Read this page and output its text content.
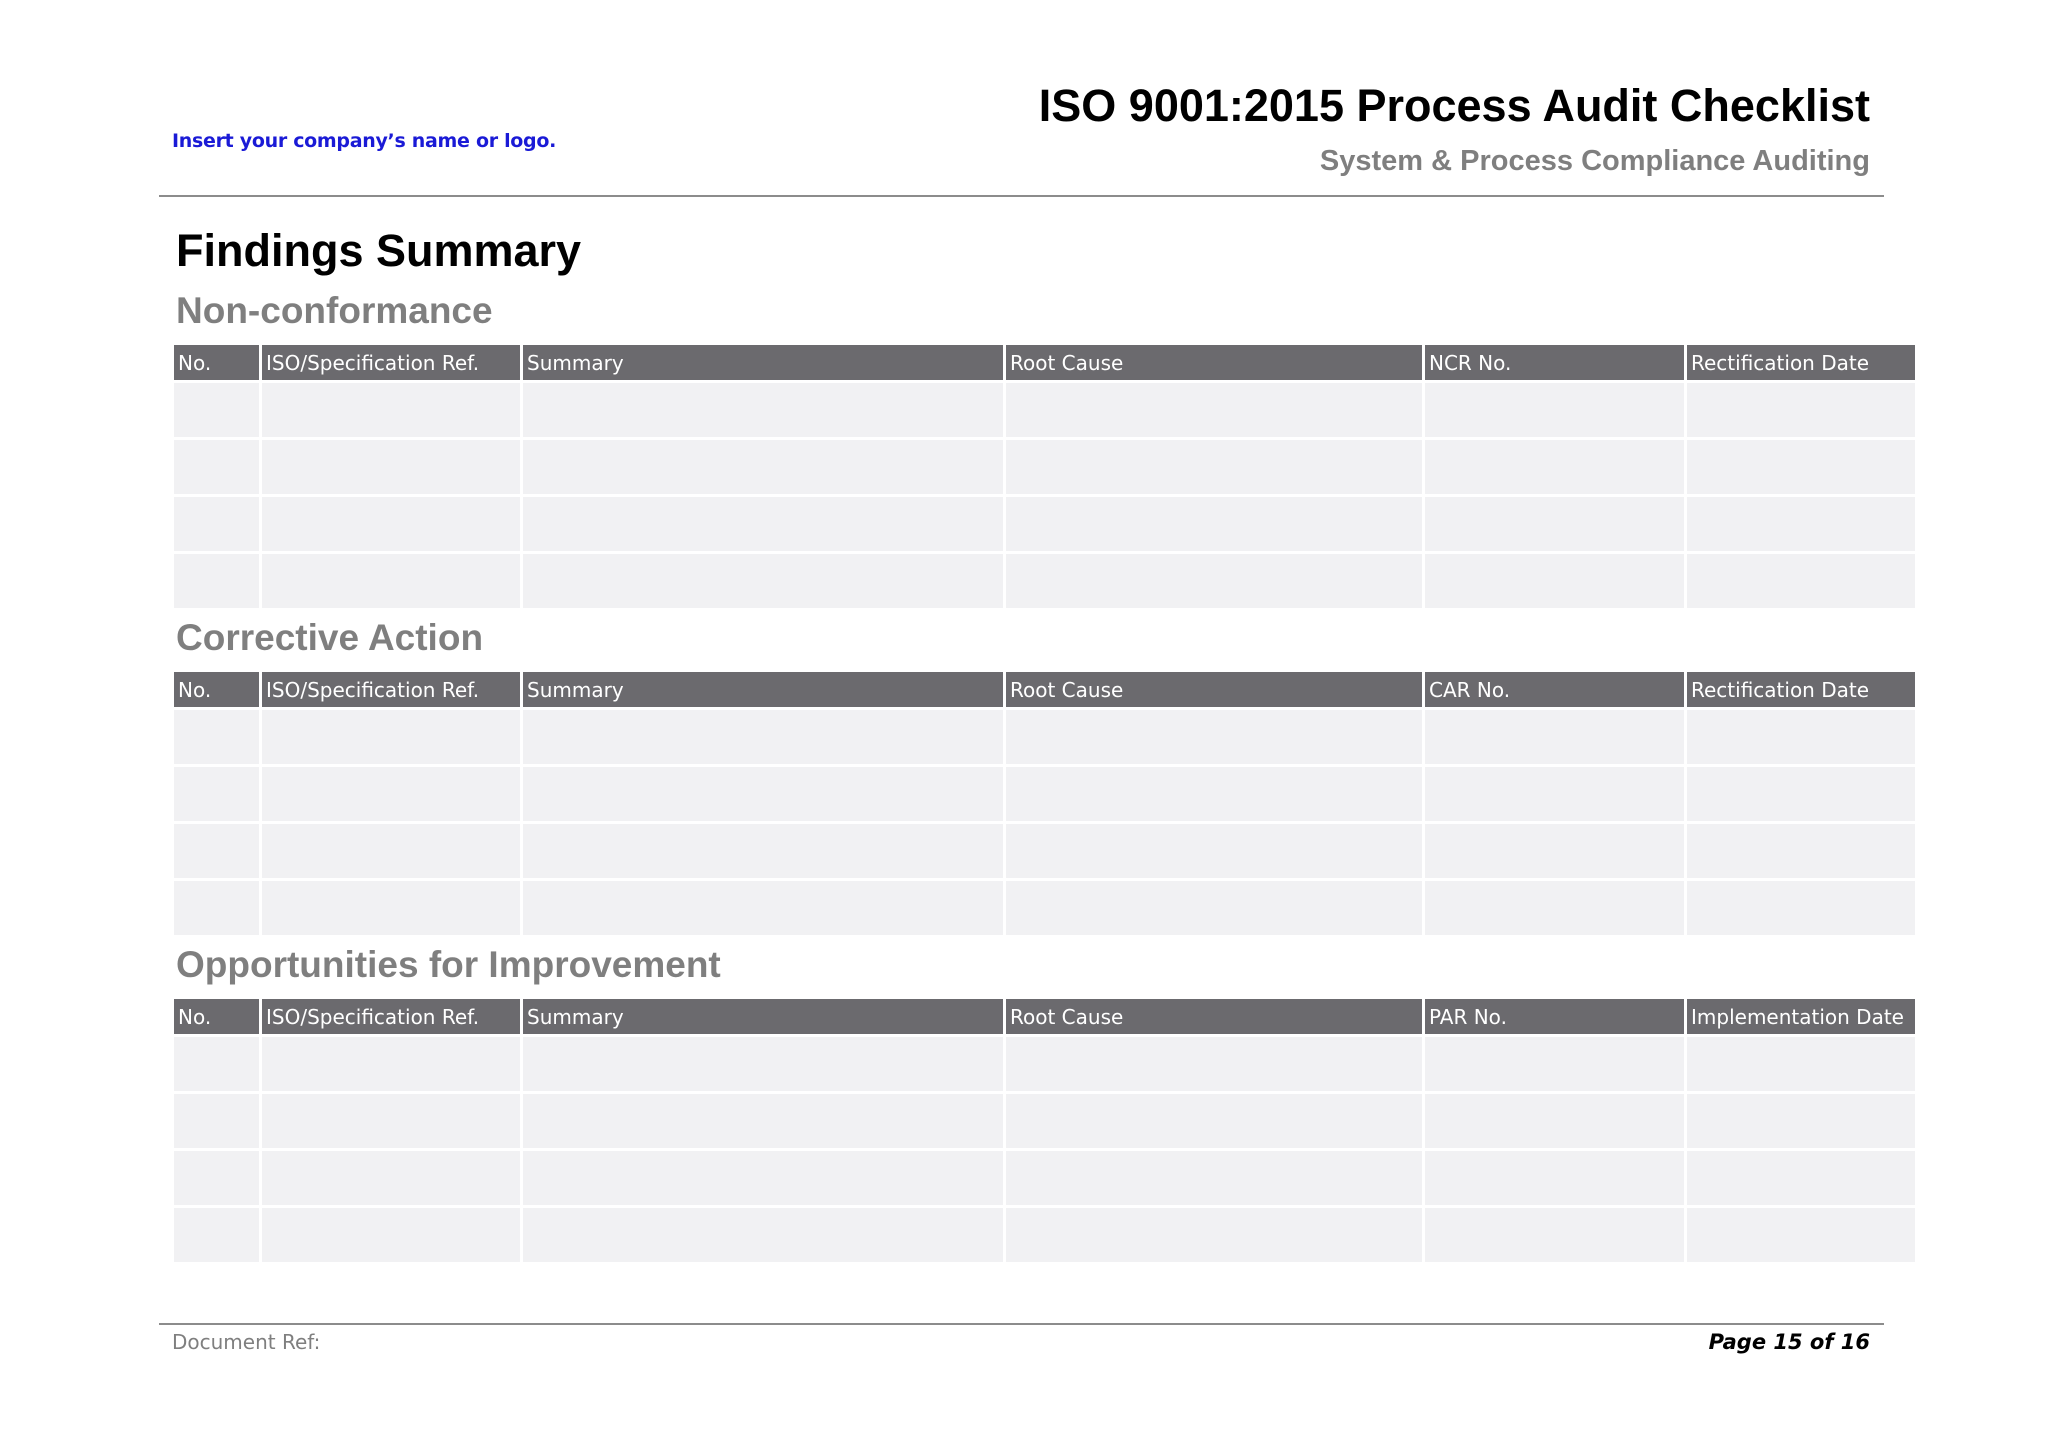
Insert your company’s name or logo.
ISO 9001:2015 Process Audit Checklist
System & Process Compliance Auditing
Findings Summary
Non-conformance
No.	ISO/Specification Ref.	Summary	Root Cause	NCR No.	Rectification Date

Corrective Action
No.	ISO/Specification Ref.	Summary	Root Cause	CAR No.	Rectification Date

Opportunities for Improvement
No.	ISO/Specification Ref.	Summary	Root Cause	PAR No.	Implementation Date

Document Ref:	Page 15 of 16
